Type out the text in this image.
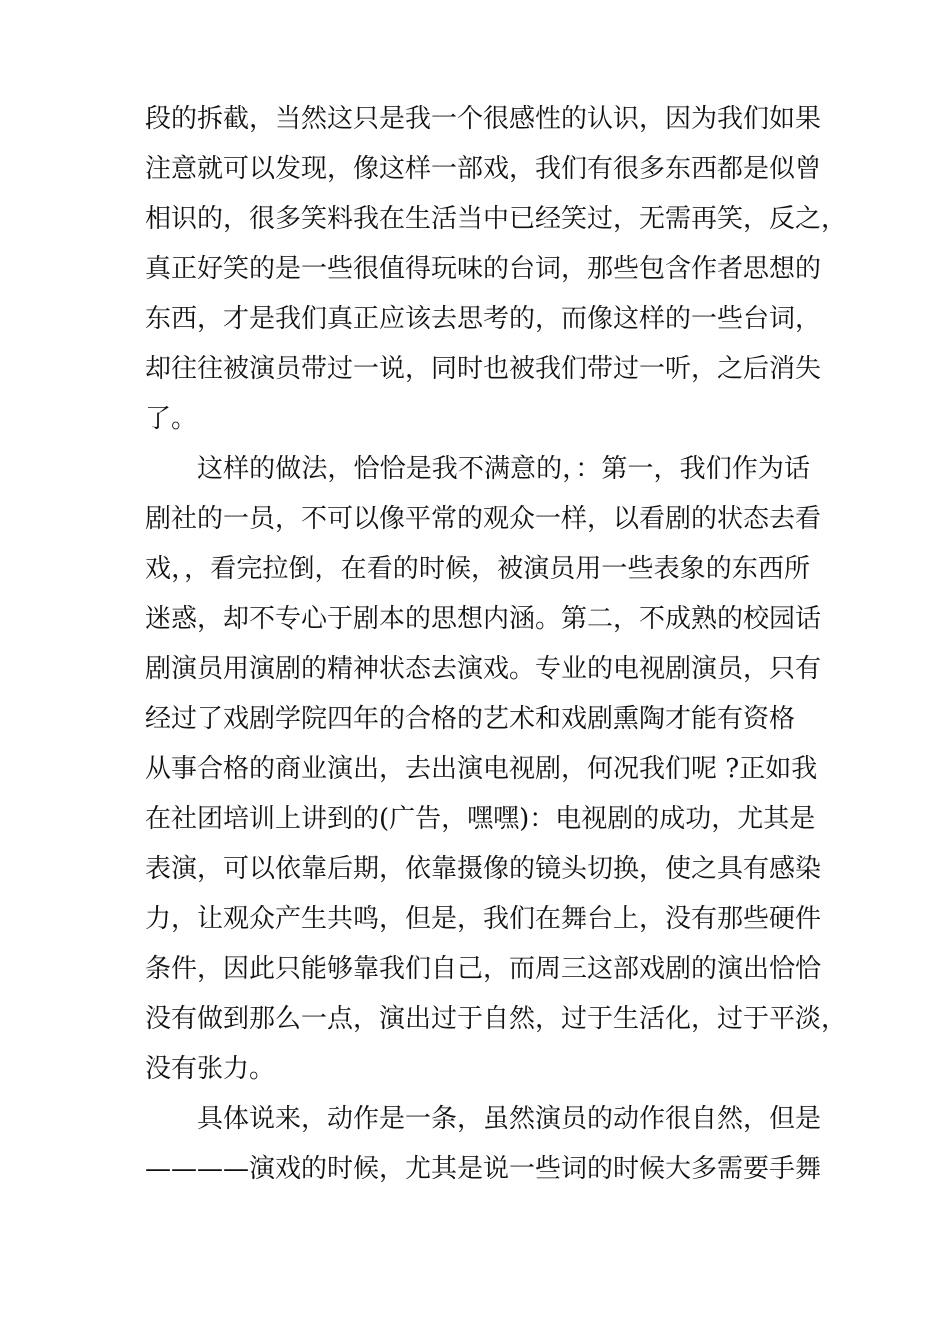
段的拆截，当然这只是我一个很感性的认识，因为我们如果
注意就可以发现，像这样一部戏，我们有很多东西都是似曾
相识的，很多笑料我在生活当中已经笑过，无需再笑，反之，
真正好笑的是一些很值得玩味的台词，那些包含作者思想的
东西，才是我们真正应该去思考的，而像这样的一些台词，
却往往被演员带过一说，同时也被我们带过一听，之后消失
了。
这样的做法，恰恰是我不满意的，：第一，我们作为话
剧社的一员，不可以像平常的观众一样，以看剧的状态去看
戏，，看完拉倒，在看的时候，被演员用一些表象的东西所
迷惑，却不专心于剧本的思想内涵。第二，不成熟的校园话
剧演员用演剧的精神状态去演戏。专业的电视剧演员，只有
经过了戏剧学院四年的合格的艺术和戏剧熏陶才能有资格
从事合格的商业演出，去出演电视剧，何况我们呢 ?正如我
在社团培训上讲到的(广告，嘿嘿)：电视剧的成功，尤其是
表演，可以依靠后期，依靠摄像的镜头切换，使之具有感染
力，让观众产生共鸣，但是，我们在舞台上，没有那些硬件
条件，因此只能够靠我们自己，而周三这部戏剧的演出恰恰
没有做到那么一点，演出过于自然，过于生活化，过于平淡，
没有张力。
具体说来，动作是一条，虽然演员的动作很自然，但是
————演戏的时候，尤其是说一些词的时候大多需要手舞
